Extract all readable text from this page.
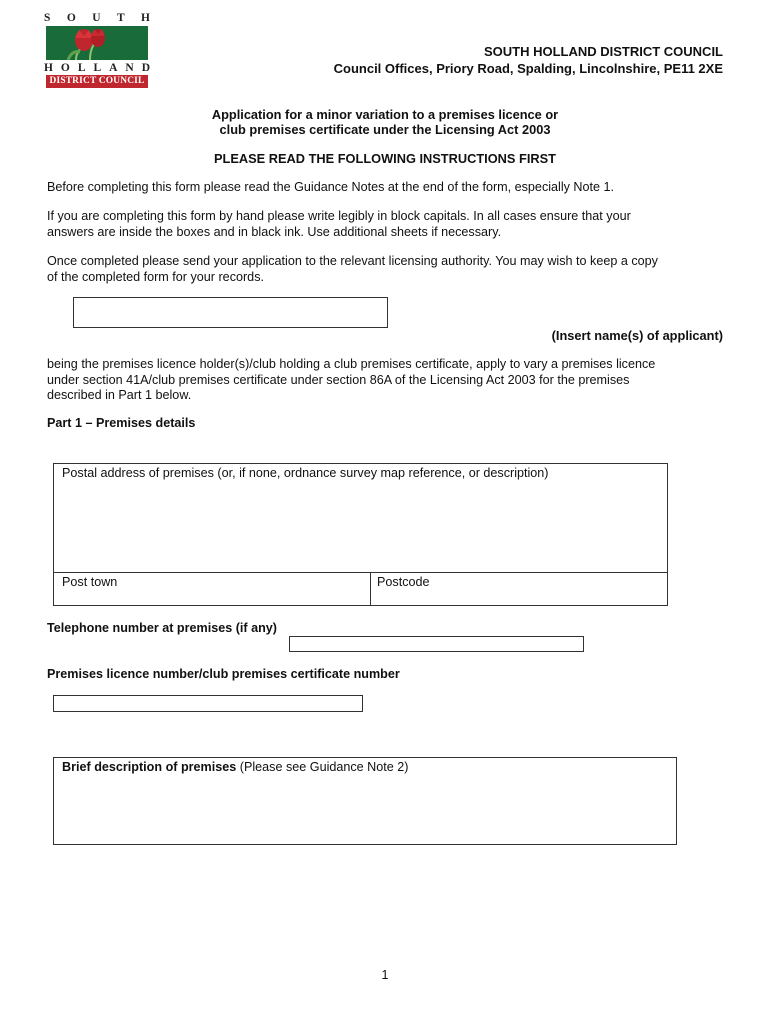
S O U T H
H O L L A N D
DISTRICT COUNCIL
SOUTH HOLLAND DISTRICT COUNCIL
Council Offices, Priory Road, Spalding, Lincolnshire, PE11 2XE
Application for a minor variation to a premises licence or
club premises certificate under the Licensing Act 2003
PLEASE READ THE FOLLOWING INSTRUCTIONS FIRST
Before completing this form please read the Guidance Notes at the end of the form, especially Note 1.
If you are completing this form by hand please write legibly in block capitals. In all cases ensure that your
answers are inside the boxes and in black ink. Use additional sheets if necessary.
Once completed please send your application to the relevant licensing authority. You may wish to keep a copy
of the completed form for your records.
(Insert name(s) of applicant)
being the premises licence holder(s)/club holding a club premises certificate, apply to vary a premises licence
under section 41A/club premises certificate under section 86A of the Licensing Act 2003 for the premises
described in Part 1 below.
Part 1 – Premises details
Postal address of premises (or, if none, ordnance survey map reference, or description)
Post town	Postcode
Telephone number at premises (if any)
Premises licence number/club premises certificate number
Brief description of premises (Please see Guidance Note 2)
1
